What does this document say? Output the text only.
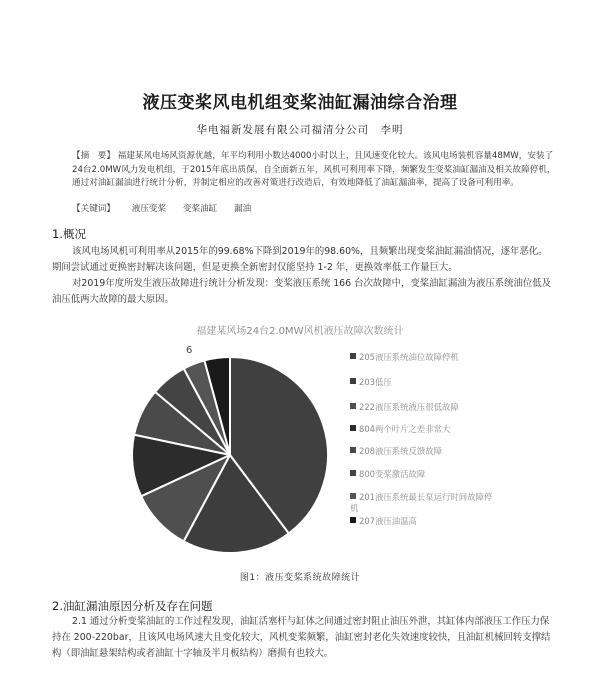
液压变桨风电机组变桨油缸漏油综合治理
华电福新发展有限公司福清分公司　李明
【摘　要】 福建某风电场风资源优越，年平均利用小数达4000小时以上，且风速变化较大。该风电场装机容量48MW，安装了24台2.0MW风力发电机组，于2015年底出质保，自全面新五年，风机可利用率下降，频繁发生变桨油缸漏油及相关故障停机，通过对油缸漏油进行统计分析，并制定相应的改善对策进行改造后，有效地降低了油缸漏油率，提高了设备可利用率。
【关键词】 液压变桨 变桨油缸 漏油
1.概况
该风电场风机可利用率从2015年的99.68%下降到2019年的98.60%，且频繁出现变桨油缸漏油情况，逐年恶化。期间尝试通过更换密封解决该问题，但是更换全新密封仅能坚持 1-2 年，更换效率低工作量巨大。
对2019年度所发生液压故障进行统计分析发现：变桨液压系统 166 台次故障中，变桨油缸漏油为液压系统油位低及油压低两大故障的最大原因。
福建某风场24台2.0MW风机液压故障次数统计
6
205液压系统油位故障停机
203低压
222液压系统液压很低故障
804两个叶片之差非常大
208液压系统反馈故障
800变桨激活故障
201液压系统最长泵运行时间故障停机
207液压油温高
图1：液压变桨系统故障统计
2.油缸漏油原因分析及存在问题
2.1 通过分析变桨油缸的工作过程发现，油缸活塞杆与缸体之间通过密封阻止油压外泄，其缸体内部液压工作压力保持在 200-220bar，且该风电场风速大且变化较大，风机变桨频繁，油缸密封老化失效速度较快，且油缸机械回转支撑结构（即油缸悬架结构或者油缸十字轴及半月板结构）磨损有也较大。
